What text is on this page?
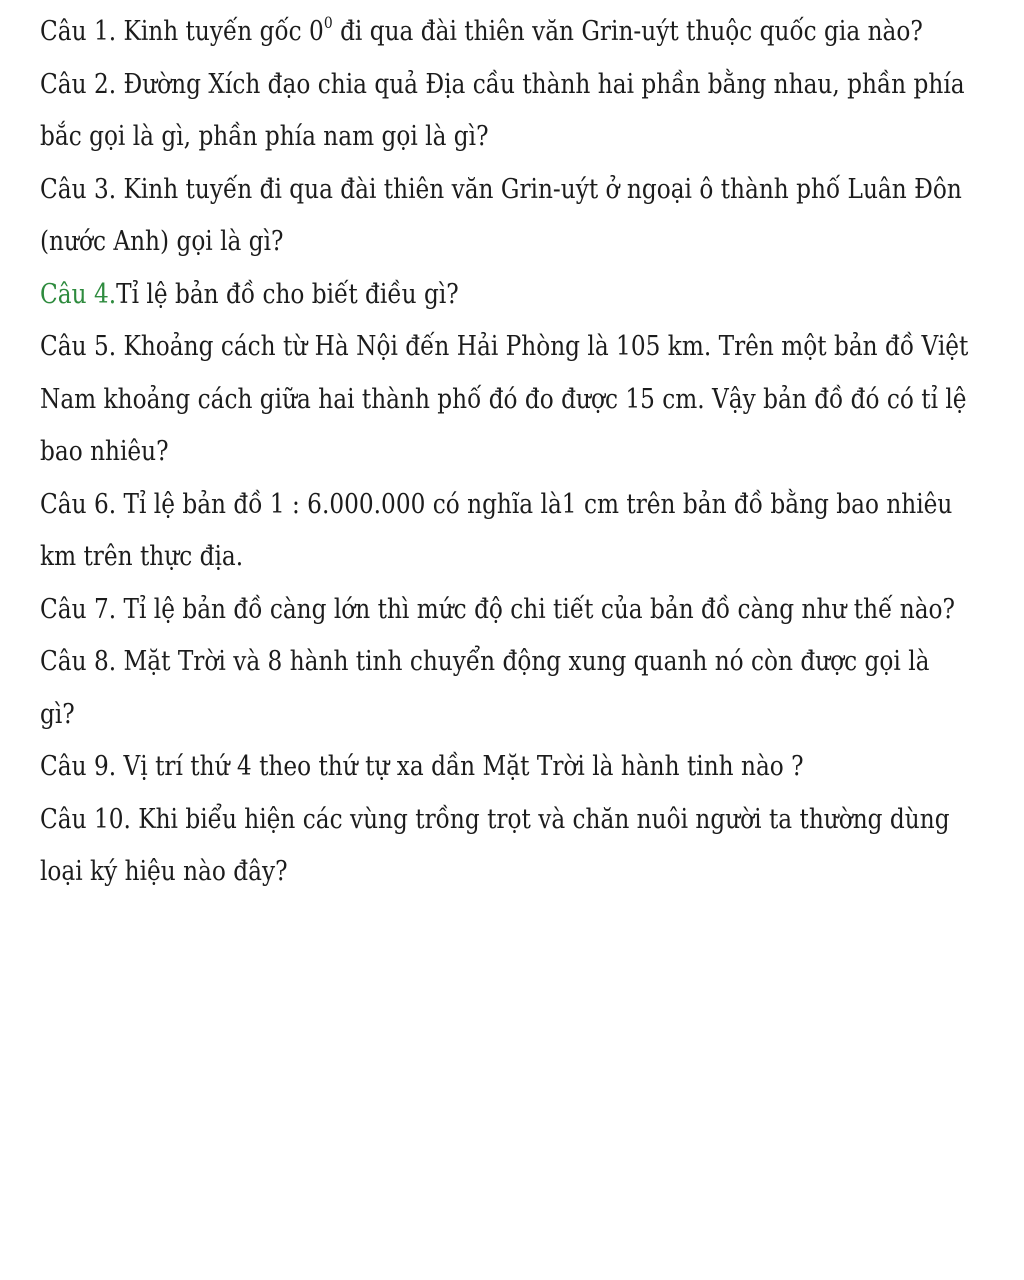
Câu 1. Kinh tuyến gốc $0^0$ đi qua đài thiên văn Grin-uýt thuộc quốc gia nào?
Câu 2. Đường Xích đạo chia quả Địa cầu thành hai phần bằng nhau, phần phía bắc gọi là gì, phần phía nam gọi là gì?
Câu 3. Kinh tuyến đi qua đài thiên văn Grin-uýt ở ngoại ô thành phố Luân Đôn (nước Anh) gọi là gì?
Câu 4.Tỉ lệ bản đồ cho biết điều gì?
Câu 5. Khoảng cách từ Hà Nội đến Hải Phòng là 105 km. Trên một bản đồ Việt Nam khoảng cách giữa hai thành phố đó đo được 15 cm. Vậy bản đồ đó có tỉ lệ bao nhiêu?
Câu 6. Tỉ lệ bản đồ 1 : 6.000.000 có nghĩa là1 cm trên bản đồ bằng bao nhiêu km trên thực địa.
Câu 7. Tỉ lệ bản đồ càng lớn thì mức độ chi tiết của bản đồ càng như thế nào?
Câu 8. Mặt Trời và 8 hành tinh chuyển động xung quanh nó còn được gọi là gì?
Câu 9. Vị trí thứ 4 theo thứ tự xa dần Mặt Trời là hành tinh nào ?
Câu 10. Khi biểu hiện các vùng trồng trọt và chăn nuôi người ta thường dùng loại ký hiệu nào đây?
